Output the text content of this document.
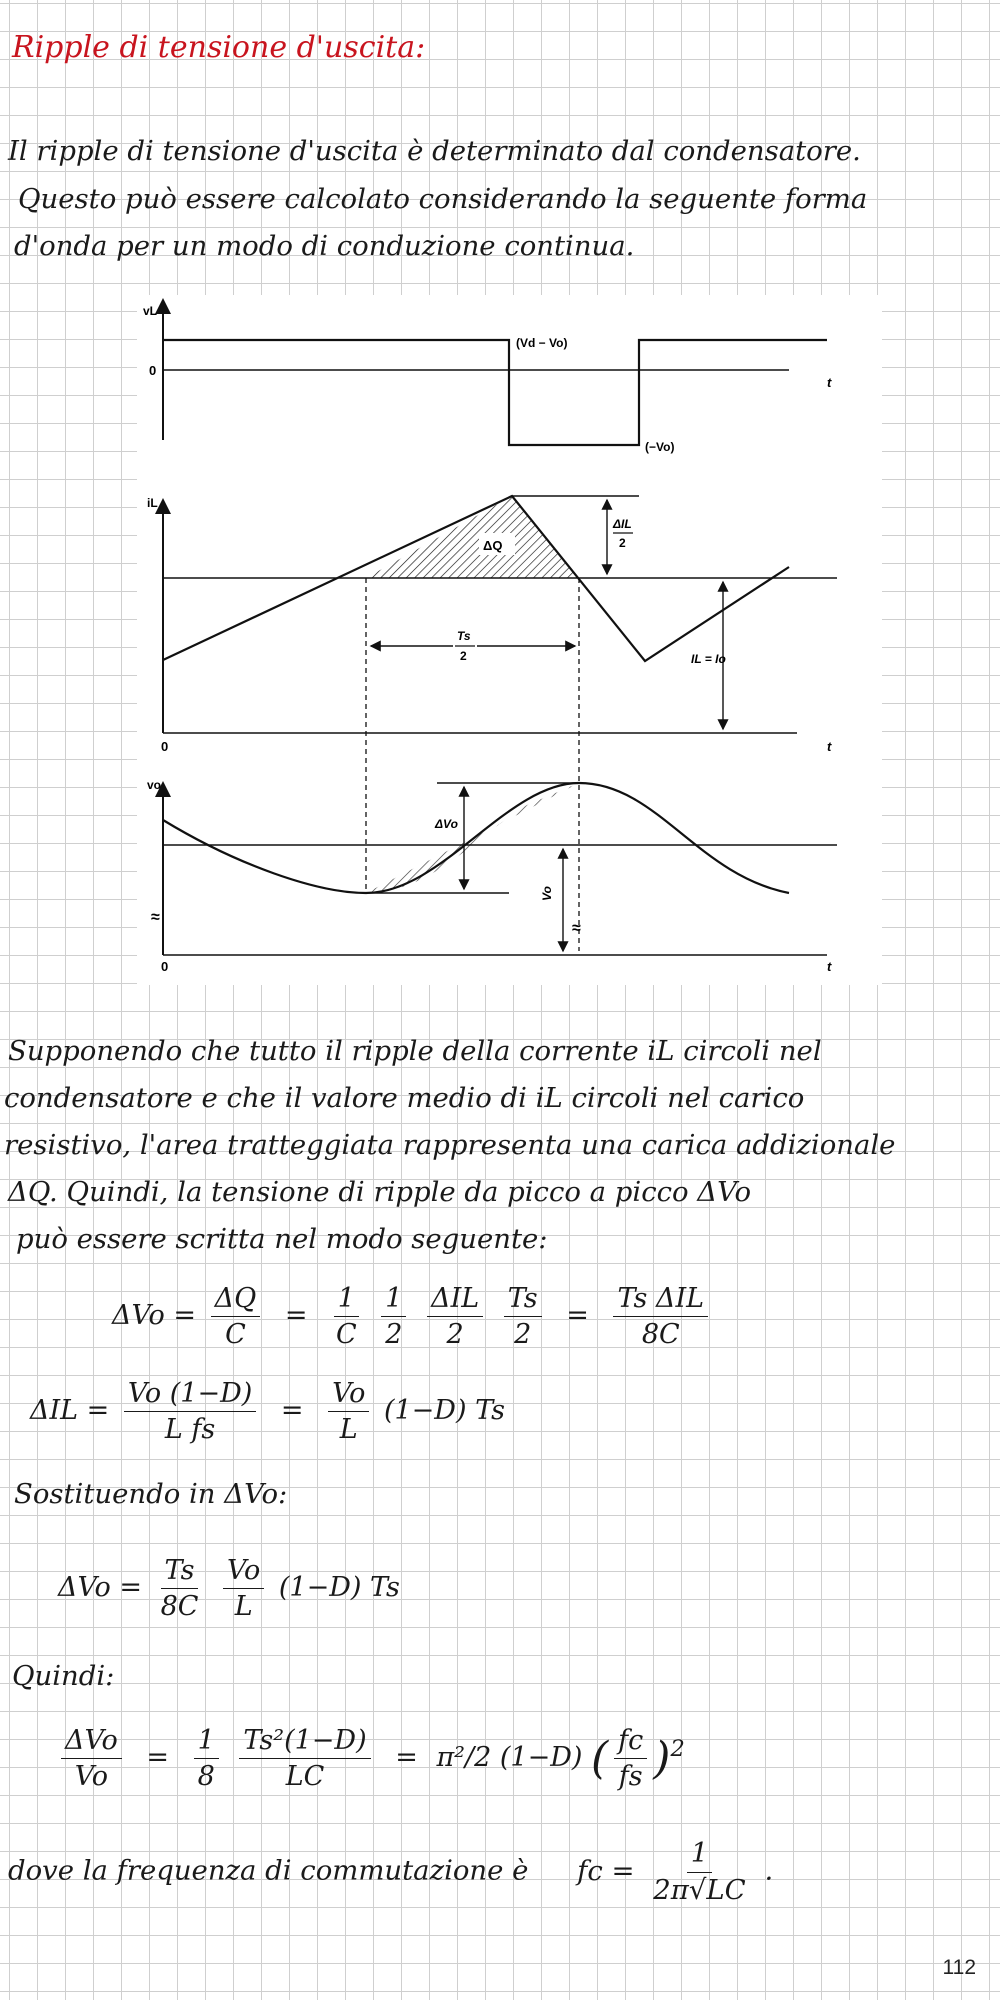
Ripple di tensione d'uscita:
Il ripple di tensione d'uscita è determinato dal condensatore.
Questo può essere calcolato considerando la seguente forma
d'onda per un modo di conduzione continua.
vL
0
t
(Vd − Vo)
(−Vo)
iL
0	t
ΔQ
ΔIL
2
IL = Io
Ts
2
vo
0	t
≈
≈
ΔVo
Vo
Supponendo che tutto il ripple della corrente iL circoli nel
condensatore e che il valore medio di iL circoli nel carico
resistivo, l'area tratteggiata rappresenta una carica addizionale
ΔQ. Quindi, la tensione di ripple da picco a picco ΔVo
può essere scritta nel modo seguente:
$\Delta Vo = \frac{\Delta Q}{C} = \frac{1}{C}$
$\frac{1}{2}$
$\frac{\text{ΔIL}}{2}$
$\frac{Ts}{2} = \frac{\text{Ts ΔIL}}{8C}$
$\Delta IL = \frac{Vo (1-D)}{\text{L fs}} = \frac{Vo}{L} (1-D)$ Ts
Sostituendo in ΔVo:
$\Delta Vo = \frac{Ts}{8C}$
$\frac{Vo}{L} (1-D)$ Ts
Quindi:
$\frac{\text{ΔVo}}{Vo} = \frac{1}{8}$
$\frac{\text{Ts²(1−D)}}{LC} = \pi^2/2$ (1−D) ( $\frac{fc}{fs} )^2$
dove la frequenza di commutazione è fc = $\frac{1}{2\pi√LC}$ .
112
